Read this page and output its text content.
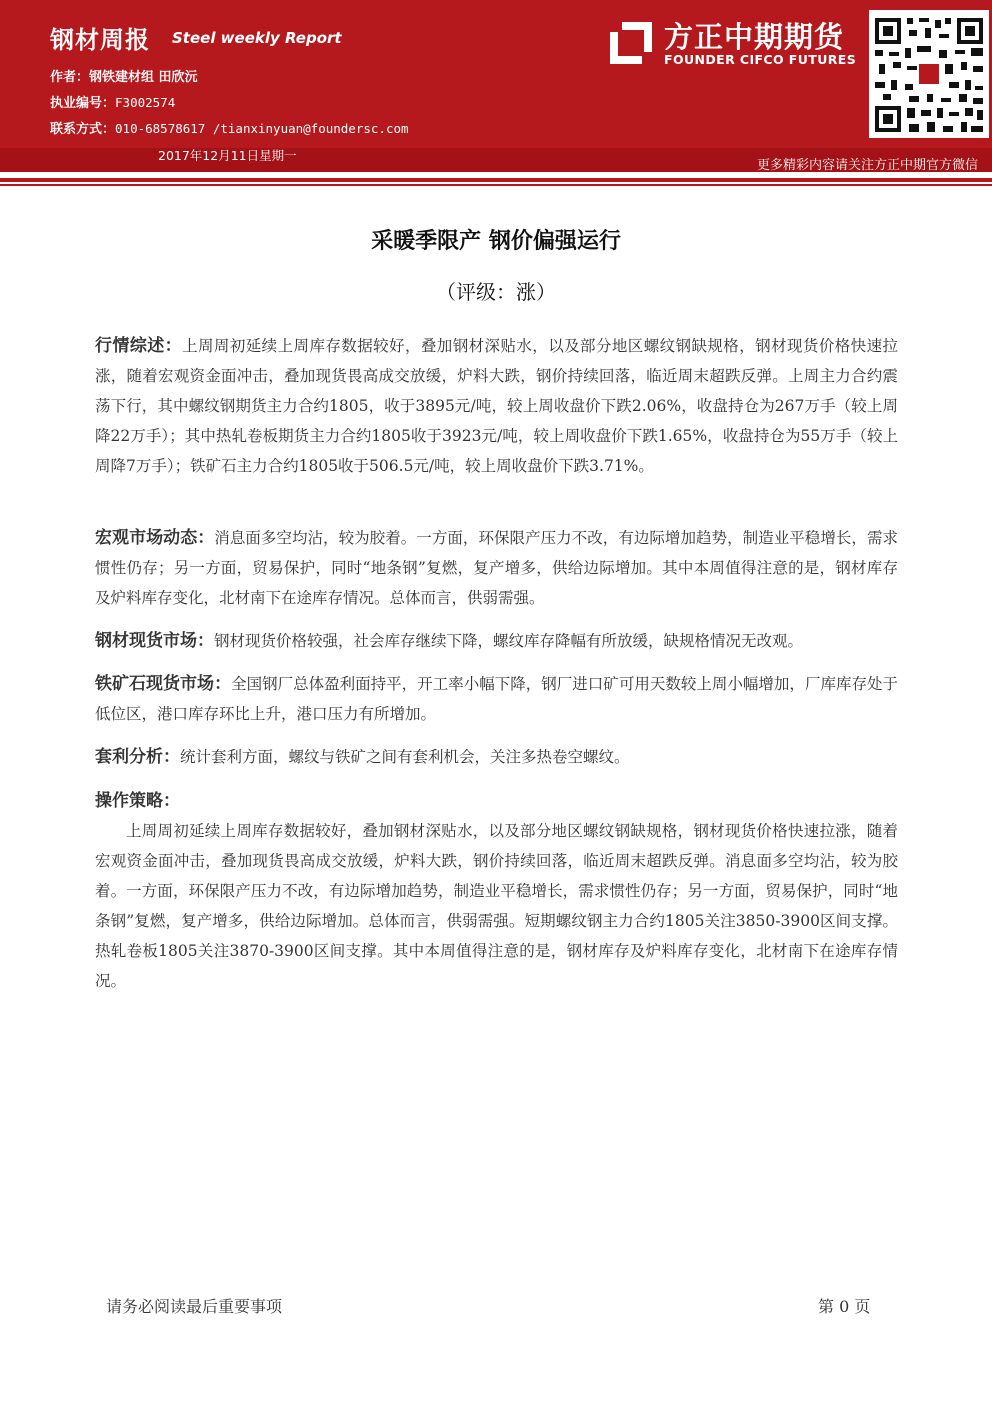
钢材周报 Steel weekly Report
作者：钢铁建材组 田欣沅
执业编号：F3002574
联系方式：010-68578617 /tianxinyuan@foundersc.com
2017年12月11日星期一
更多精彩内容请关注方正中期官方微信
方正中期期货
FOUNDER CIFCO FUTURES
采暖季限产 钢价偏强运行
（评级：涨）
行情综述：上周周初延续上周库存数据较好，叠加钢材深贴水，以及部分地区螺纹钢缺规格，钢材现货价格快速拉涨，随着宏观资金面冲击，叠加现货畏高成交放缓，炉料大跌，钢价持续回落，临近周末超跌反弹。上周主力合约震荡下行，其中螺纹钢期货主力合约1805，收于3895元/吨，较上周收盘价下跌2.06%，收盘持仓为267万手（较上周降22万手）；其中热轧卷板期货主力合约1805收于3923元/吨，较上周收盘价下跌1.65%，收盘持仓为55万手（较上周降7万手）；铁矿石主力合约1805收于506.5元/吨，较上周收盘价下跌3.71%。
宏观市场动态：消息面多空均沾，较为胶着。一方面，环保限产压力不改，有边际增加趋势，制造业平稳增长，需求惯性仍存；另一方面，贸易保护，同时“地条钢”复燃，复产增多，供给边际增加。其中本周值得注意的是，钢材库存及炉料库存变化，北材南下在途库存情况。总体而言，供弱需强。
钢材现货市场：钢材现货价格较强，社会库存继续下降，螺纹库存降幅有所放缓，缺规格情况无改观。
铁矿石现货市场：全国钢厂总体盈利面持平，开工率小幅下降，钢厂进口矿可用天数较上周小幅增加，厂库库存处于低位区，港口库存环比上升，港口压力有所增加。
套利分析：统计套利方面，螺纹与铁矿之间有套利机会，关注多热卷空螺纹。
操作策略：

上周周初延续上周库存数据较好，叠加钢材深贴水，以及部分地区螺纹钢缺规格，钢材现货价格快速拉涨，随着宏观资金面冲击，叠加现货畏高成交放缓，炉料大跌，钢价持续回落，临近周末超跌反弹。消息面多空均沾，较为胶着。一方面，环保限产压力不改，有边际增加趋势，制造业平稳增长，需求惯性仍存；另一方面，贸易保护，同时“地条钢”复燃，复产增多，供给边际增加。总体而言，供弱需强。短期螺纹钢主力合约1805关注3850-3900区间支撑。热轧卷板1805关注3870-3900区间支撑。其中本周值得注意的是，钢材库存及炉料库存变化，北材南下在途库存情况。

请务必阅读最后重要事项	第 0 页
